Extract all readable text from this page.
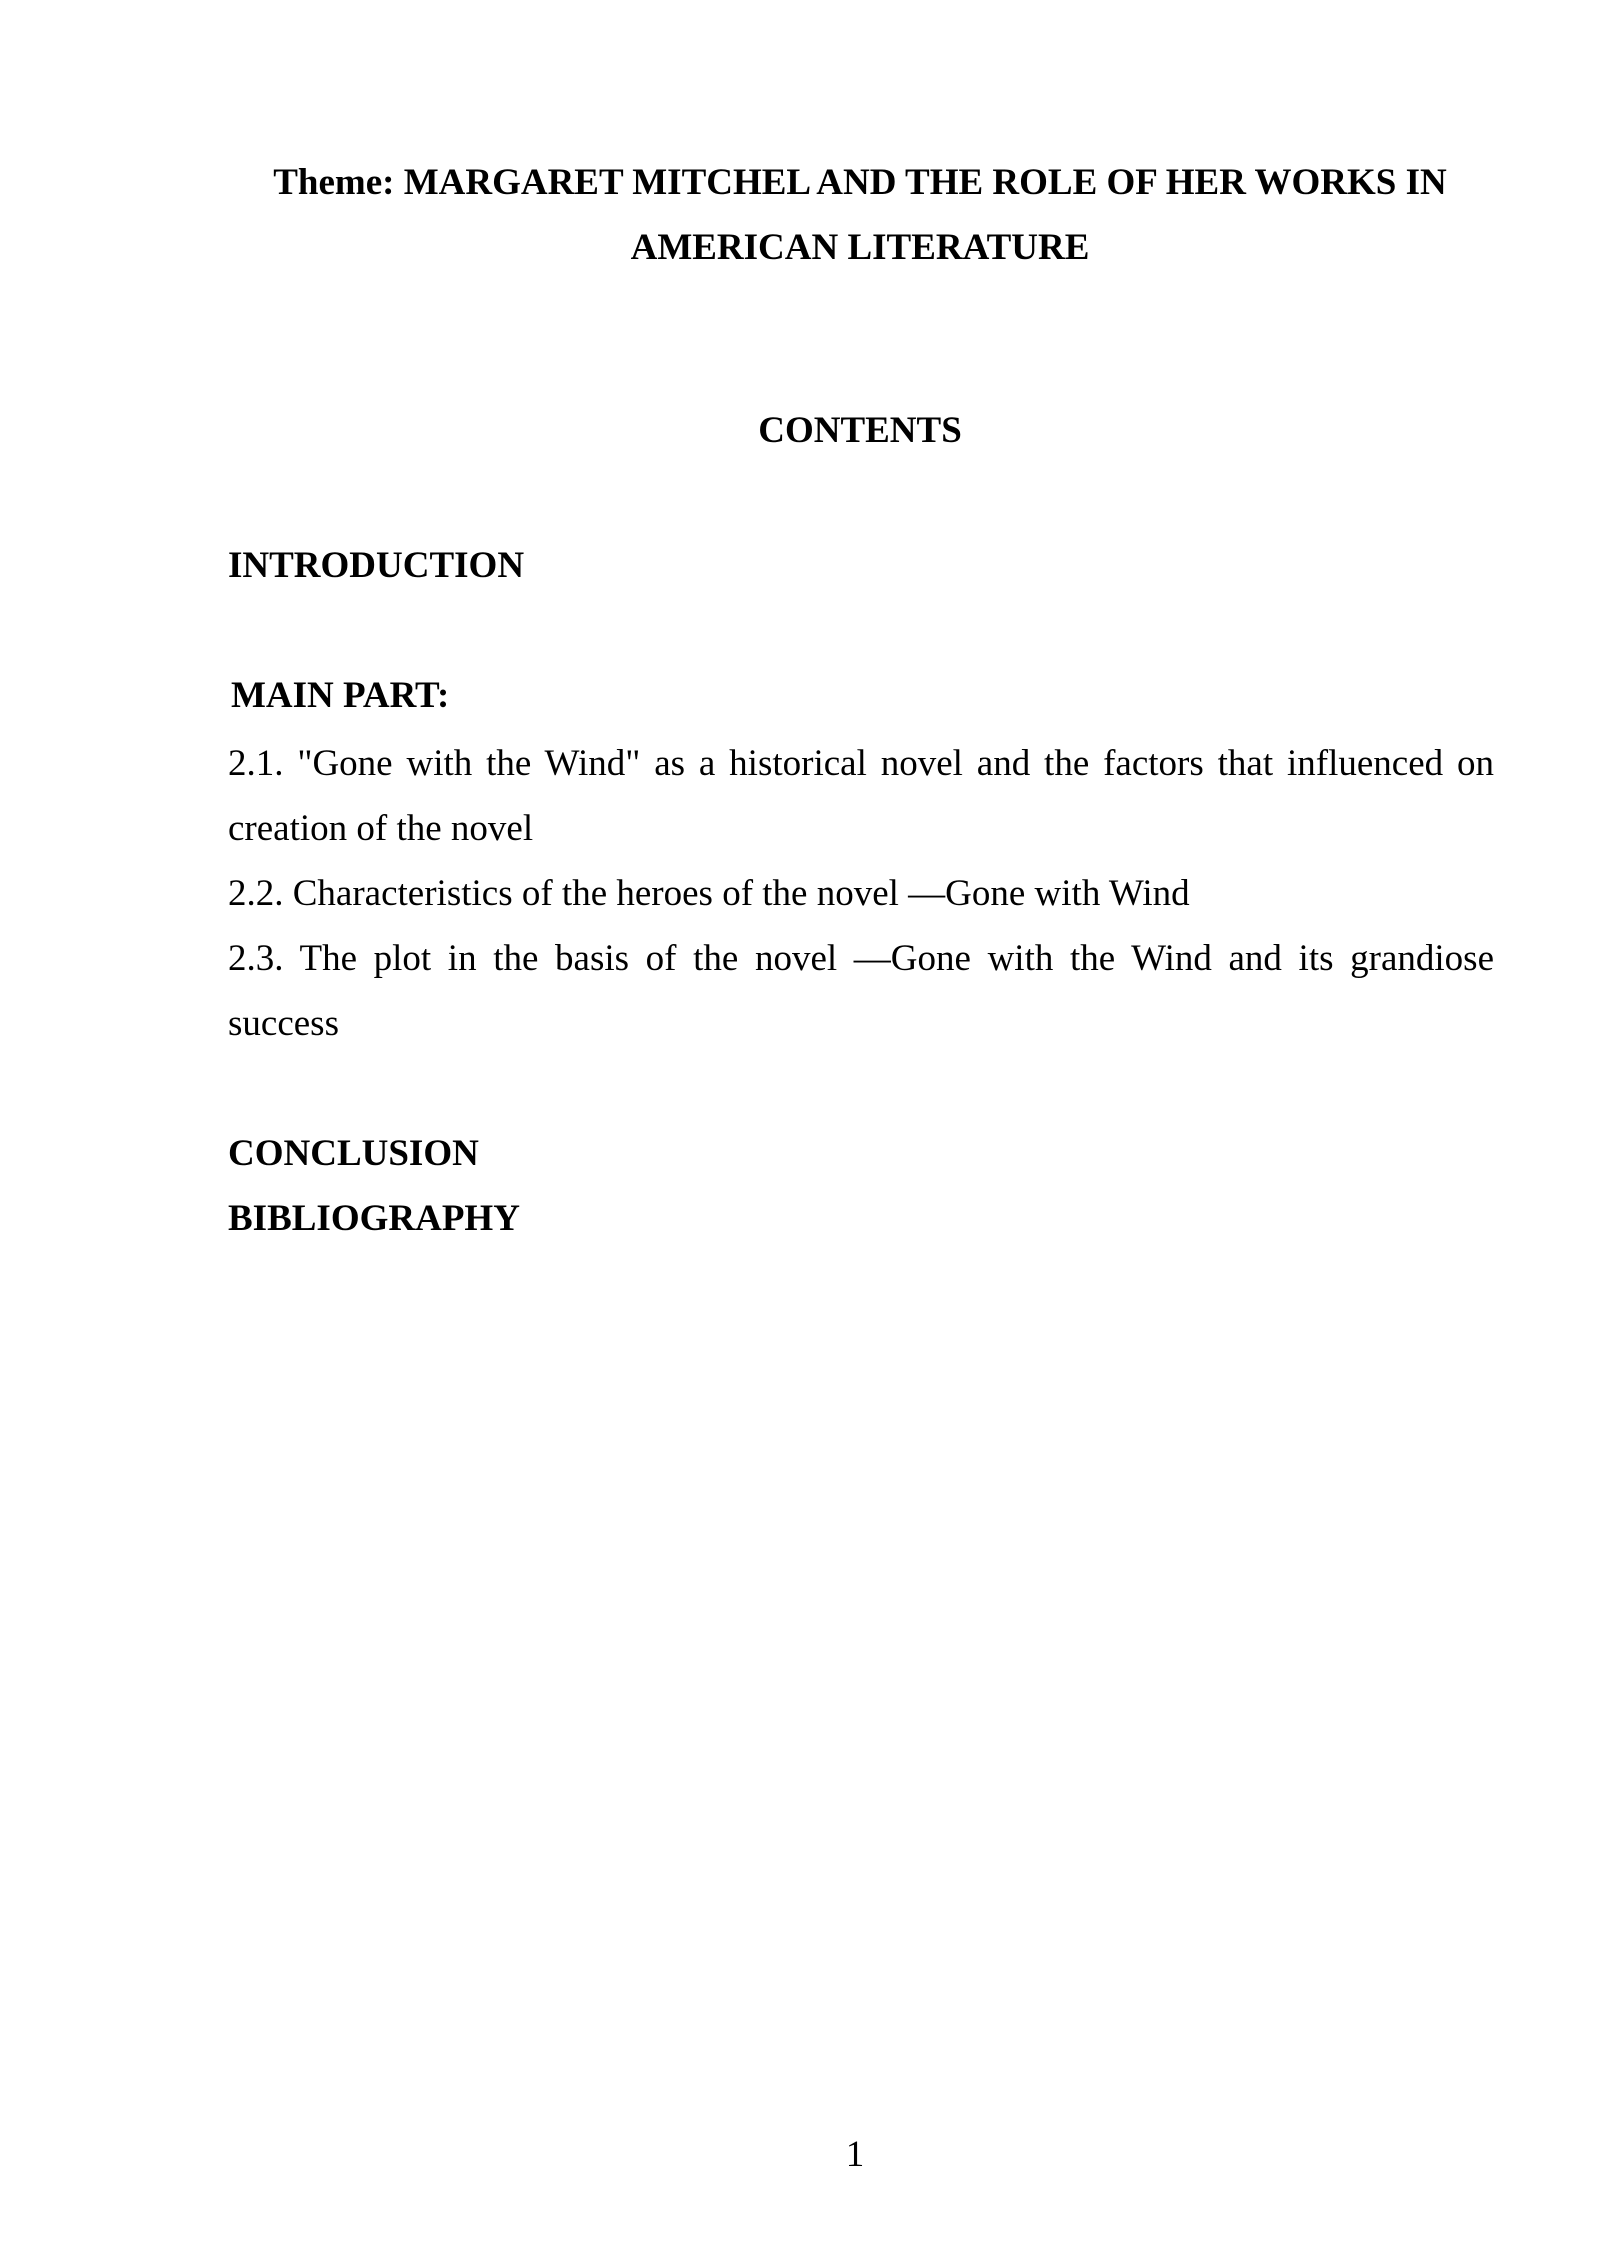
Theme: MARGARET MITCHEL AND THE ROLE OF HER WORKS IN AMERICAN LITERATURE
CONTENTS

INTRODUCTION

MAIN PART:

2.1. "Gone with the Wind" as a historical novel and the factors that influenced on creation of the novel

2.2. Characteristics of the heroes of the novel —Gone with Wind

2.3. The plot in the basis of the novel —Gone with the Wind and its grandiose success

CONCLUSION

BIBLIOGRAPHY

1
